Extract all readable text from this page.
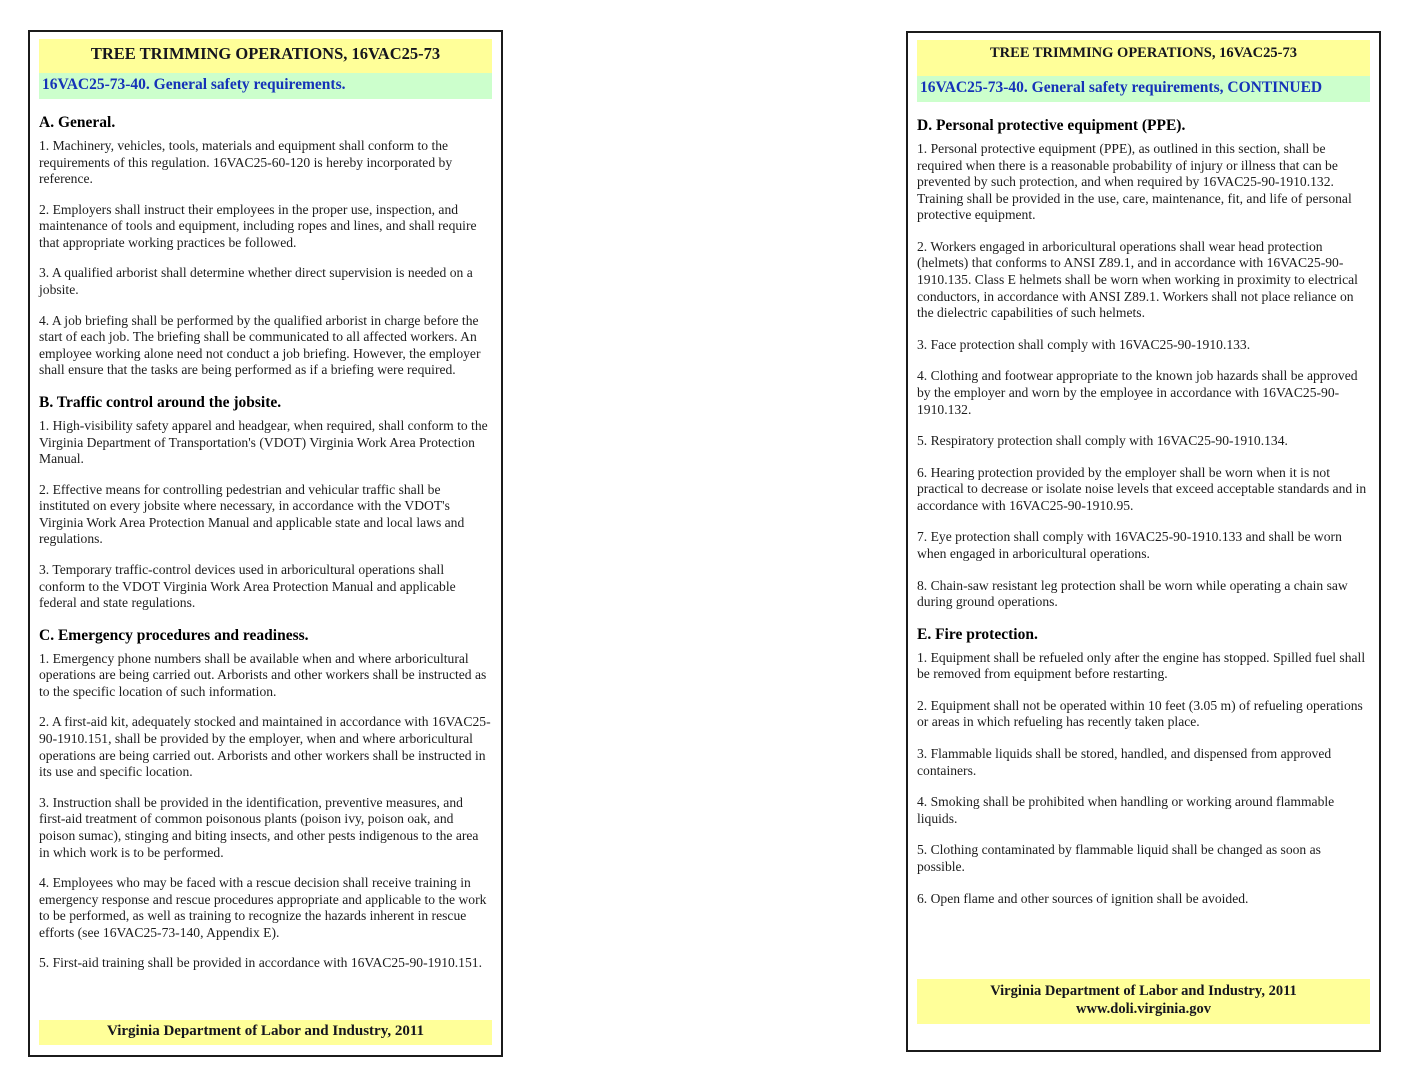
TREE TRIMMING OPERATIONS, 16VAC25-73
16VAC25-73-40. General safety requirements.
A. General.

1. Machinery, vehicles, tools, materials and equipment shall conform to the requirements of this regulation. 16VAC25-60-120 is hereby incorporated by reference.

2. Employers shall instruct their employees in the proper use, inspection, and maintenance of tools and equipment, including ropes and lines, and shall require that appropriate working practices be followed.

3. A qualified arborist shall determine whether direct supervision is needed on a jobsite.

4. A job briefing shall be performed by the qualified arborist in charge before the start of each job. The briefing shall be communicated to all affected workers. An employee working alone need not conduct a job briefing. However, the employer shall ensure that the tasks are being performed as if a briefing were required.

B. Traffic control around the jobsite.

1. High-visibility safety apparel and headgear, when required, shall conform to the Virginia Department of Transportation's (VDOT) Virginia Work Area Protection Manual.

2. Effective means for controlling pedestrian and vehicular traffic shall be instituted on every jobsite where necessary, in accordance with the VDOT's Virginia Work Area Protection Manual and applicable state and local laws and regulations.

3. Temporary traffic-control devices used in arboricultural operations shall conform to the VDOT Virginia Work Area Protection Manual and applicable federal and state regulations.

C. Emergency procedures and readiness.

1. Emergency phone numbers shall be available when and where arboricultural operations are being carried out. Arborists and other workers shall be instructed as to the specific location of such information.

2. A first-aid kit, adequately stocked and maintained in accordance with 16VAC25-90-1910.151, shall be provided by the employer, when and where arboricultural operations are being carried out. Arborists and other workers shall be instructed in its use and specific location.

3. Instruction shall be provided in the identification, preventive measures, and first-aid treatment of common poisonous plants (poison ivy, poison oak, and poison sumac), stinging and biting insects, and other pests indigenous to the area in which work is to be performed.

4. Employees who may be faced with a rescue decision shall receive training in emergency response and rescue procedures appropriate and applicable to the work to be performed, as well as training to recognize the hazards inherent in rescue efforts (see 16VAC25-73-140, Appendix E).

5. First-aid training shall be provided in accordance with 16VAC25-90-1910.151.

Virginia Department of Labor and Industry, 2011
TREE TRIMMING OPERATIONS, 16VAC25-73
16VAC25-73-40. General safety requirements, CONTINUED
D. Personal protective equipment (PPE).

1. Personal protective equipment (PPE), as outlined in this section, shall be required when there is a reasonable probability of injury or illness that can be prevented by such protection, and when required by 16VAC25-90-1910.132. Training shall be provided in the use, care, maintenance, fit, and life of personal protective equipment.

2. Workers engaged in arboricultural operations shall wear head protection (helmets) that conforms to ANSI Z89.1, and in accordance with 16VAC25-90-1910.135. Class E helmets shall be worn when working in proximity to electrical conductors, in accordance with ANSI Z89.1. Workers shall not place reliance on the dielectric capabilities of such helmets.

3. Face protection shall comply with 16VAC25-90-1910.133.

4. Clothing and footwear appropriate to the known job hazards shall be approved by the employer and worn by the employee in accordance with 16VAC25-90-1910.132.

5. Respiratory protection shall comply with 16VAC25-90-1910.134.

6. Hearing protection provided by the employer shall be worn when it is not practical to decrease or isolate noise levels that exceed acceptable standards and in accordance with 16VAC25-90-1910.95.

7. Eye protection shall comply with 16VAC25-90-1910.133 and shall be worn when engaged in arboricultural operations.

8. Chain-saw resistant leg protection shall be worn while operating a chain saw during ground operations.

E. Fire protection.

1. Equipment shall be refueled only after the engine has stopped. Spilled fuel shall be removed from equipment before restarting.

2. Equipment shall not be operated within 10 feet (3.05 m) of refueling operations or areas in which refueling has recently taken place.

3. Flammable liquids shall be stored, handled, and dispensed from approved containers.

4. Smoking shall be prohibited when handling or working around flammable liquids.

5. Clothing contaminated by flammable liquid shall be changed as soon as possible.

6. Open flame and other sources of ignition shall be avoided.

Virginia Department of Labor and Industry, 2011
www.doli.virginia.gov
